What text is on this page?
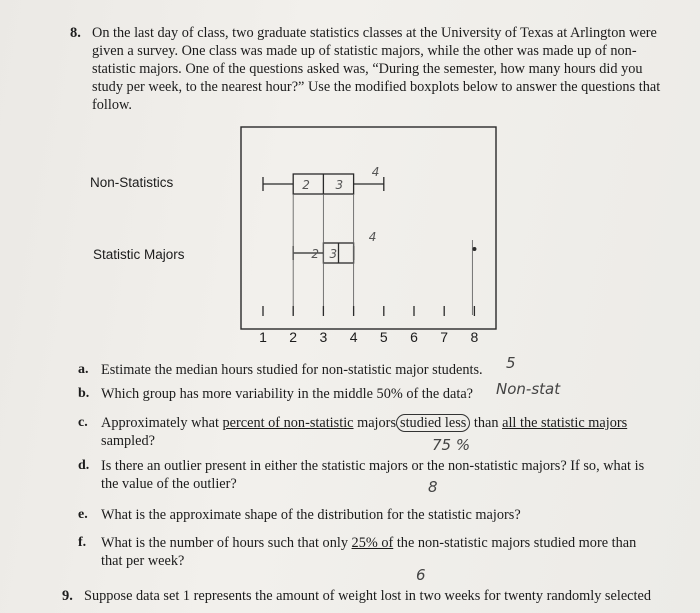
8. On the last day of class, two graduate statistics classes at the University of Texas at Arlington were
given a survey. One class was made up of statistic majors, while the other was made up of non-
statistic majors. One of the questions asked was, “During the semester, how many hours did you
study per week, to the nearest hour?” Use the modified boxplots below to answer the questions that
follow.
Non-Statistics
Statistic Majors
2 3
4
2 3
4
1 2 3 4 5 6 7 8
a. Estimate the median hours studied for non-statistic major students. 5
b. Which group has more variability in the middle 50% of the data? Non-stat
c. Approximately what percent of non-statistic majors studied less than all the statistic majors
sampled?	75 %
d. Is there an outlier present in either the statistic majors or the non-statistic majors? If so, what is
the value of the outlier?	8
e. What is the approximate shape of the distribution for the statistic majors?
f. What is the number of hours such that only 25% of the non-statistic majors studied more than
that per week?
6
9. Suppose data set 1 represents the amount of weight lost in two weeks for twenty randomly selected
